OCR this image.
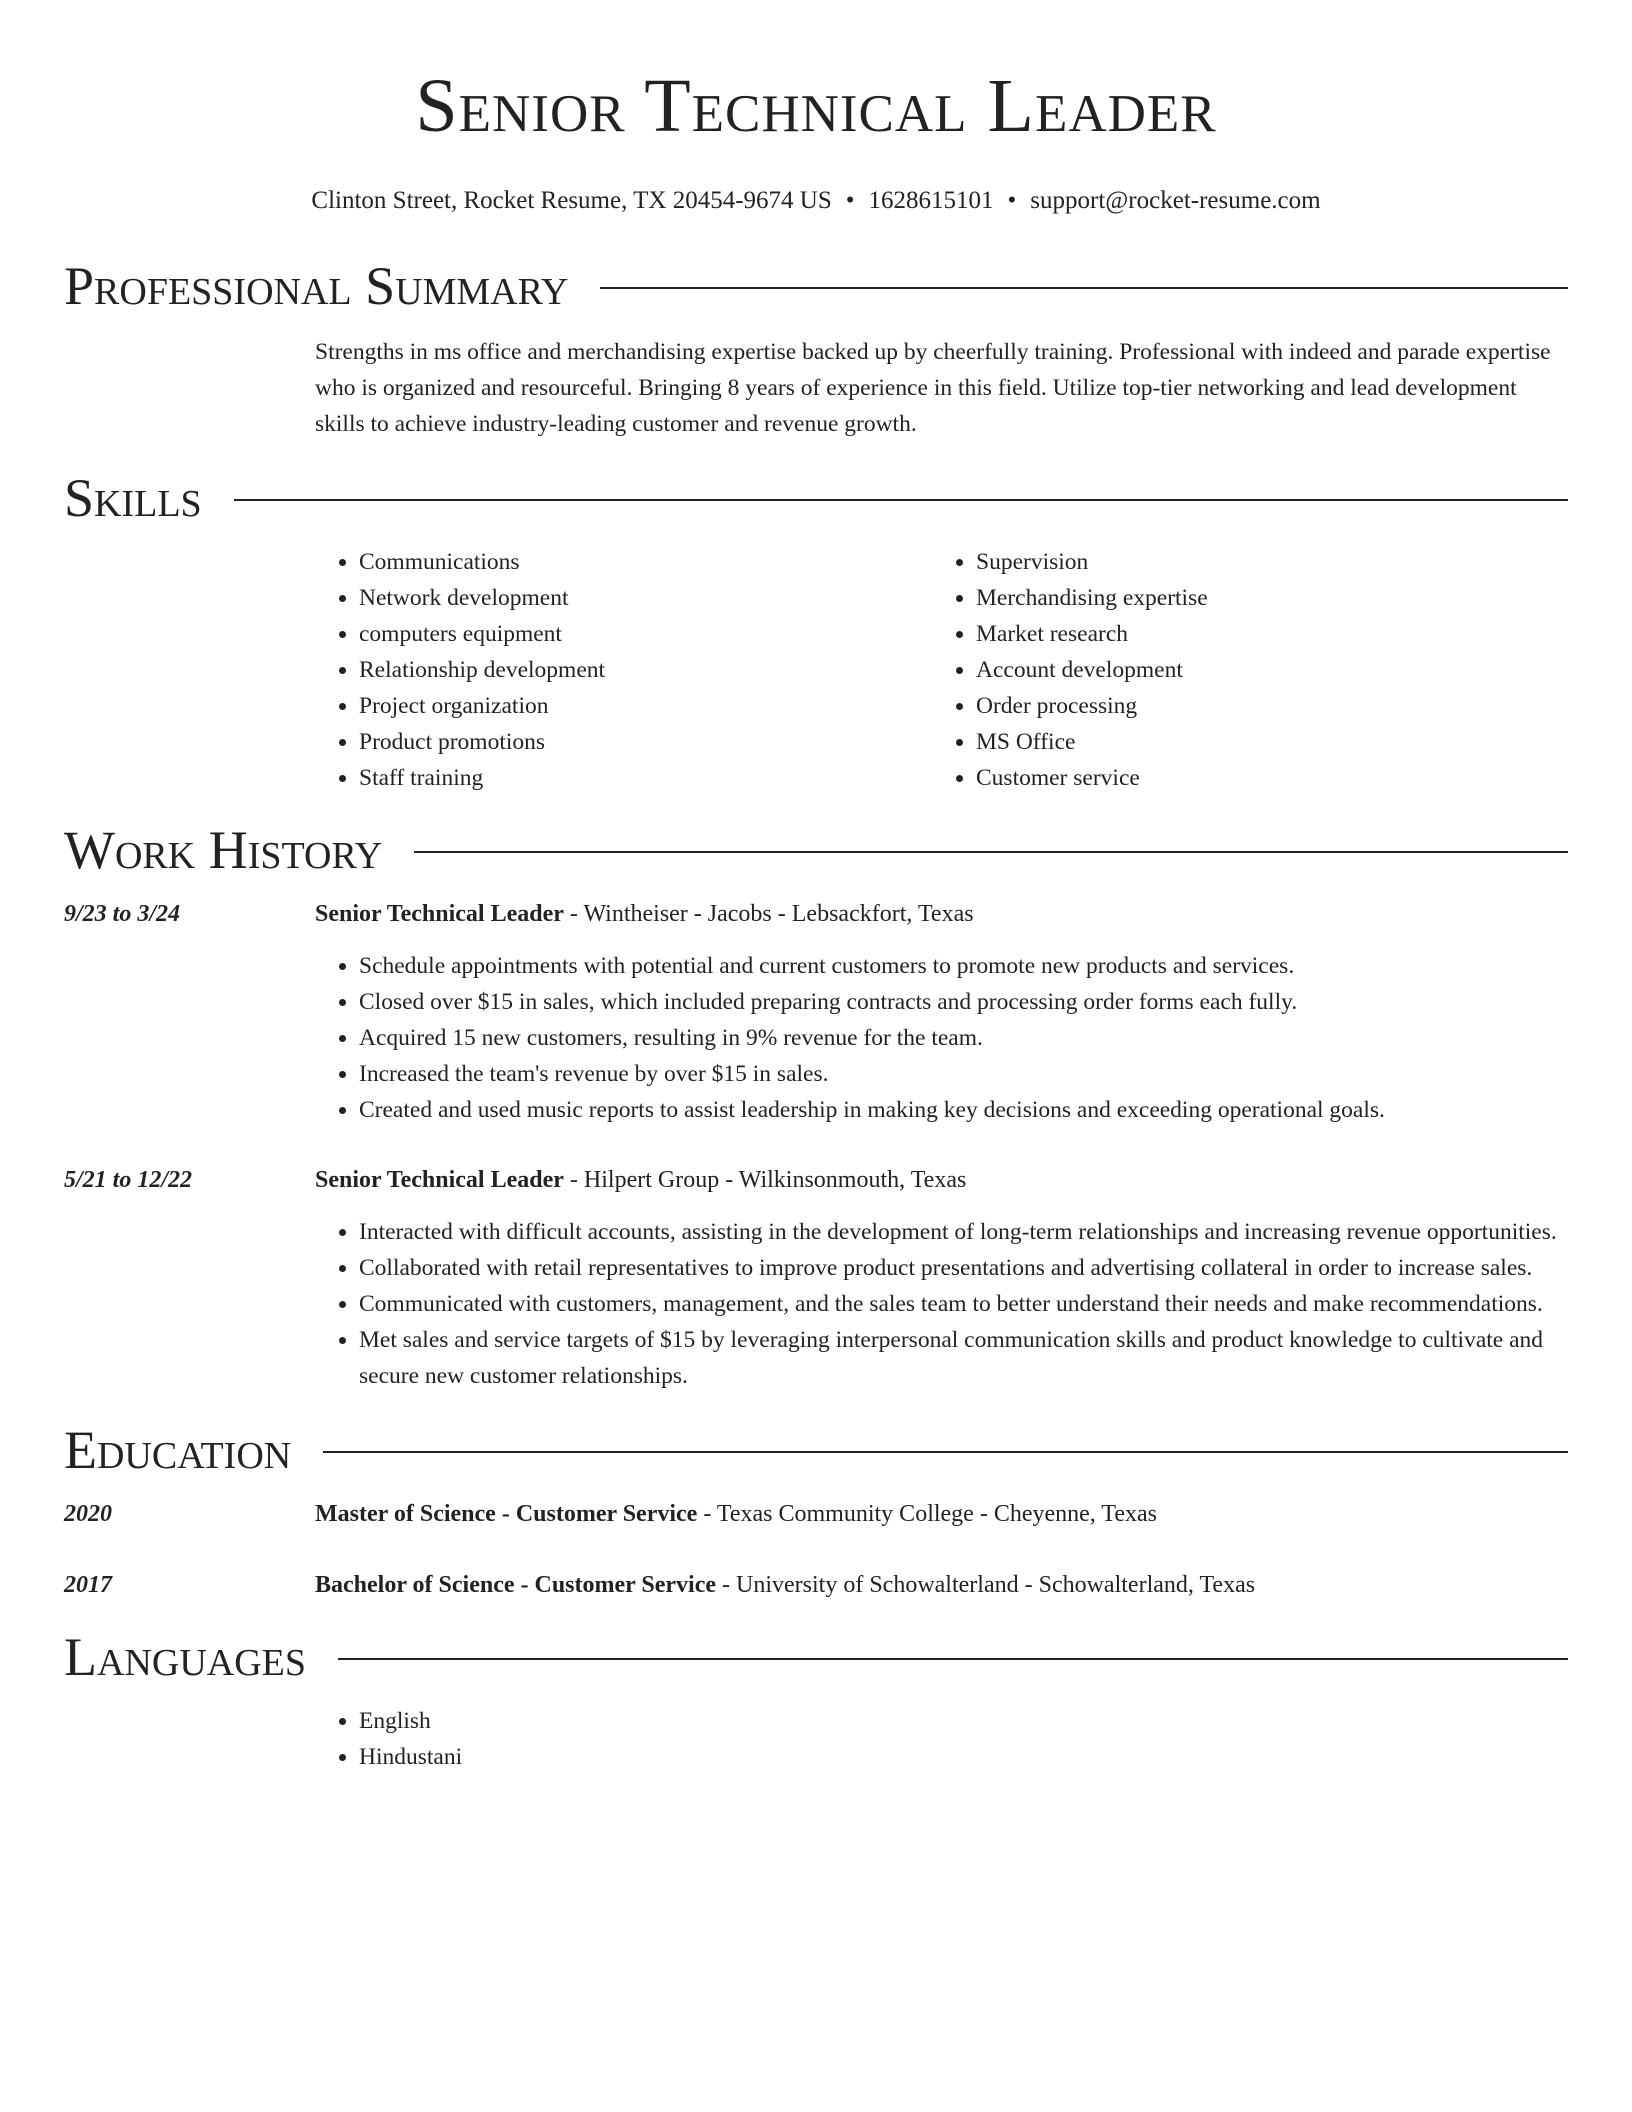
Senior Technical Leader
Clinton Street, Rocket Resume, TX 20454-9674 US • 1628615101 • support@rocket-resume.com
Professional Summary
Strengths in ms office and merchandising expertise backed up by cheerfully training. Professional with indeed and parade expertise who is organized and resourceful. Bringing 8 years of experience in this field. Utilize top-tier networking and lead development skills to achieve industry-leading customer and revenue growth.
Skills
• Communications
• Network development
• computers equipment
• Relationship development
• Project organization
• Product promotions
• Staff training
• Supervision
• Merchandising expertise
• Market research
• Account development
• Order processing
• MS Office
• Customer service
Work History
9/23 to 3/24	Senior Technical Leader - Wintheiser - Jacobs - Lebsackfort, Texas
• Schedule appointments with potential and current customers to promote new products and services.
• Closed over $15 in sales, which included preparing contracts and processing order forms each fully.
• Acquired 15 new customers, resulting in 9% revenue for the team.
• Increased the team's revenue by over $15 in sales.
• Created and used music reports to assist leadership in making key decisions and exceeding operational goals.
5/21 to 12/22	Senior Technical Leader - Hilpert Group - Wilkinsonmouth, Texas
• Interacted with difficult accounts, assisting in the development of long-term relationships and increasing revenue opportunities.
• Collaborated with retail representatives to improve product presentations and advertising collateral in order to increase sales.
• Communicated with customers, management, and the sales team to better understand their needs and make recommendations.
• Met sales and service targets of $15 by leveraging interpersonal communication skills and product knowledge to cultivate and secure new customer relationships.
Education
2020	Master of Science - Customer Service - Texas Community College - Cheyenne, Texas
2017	Bachelor of Science - Customer Service - University of Schowalterland - Schowalterland, Texas
Languages
• English
• Hindustani
